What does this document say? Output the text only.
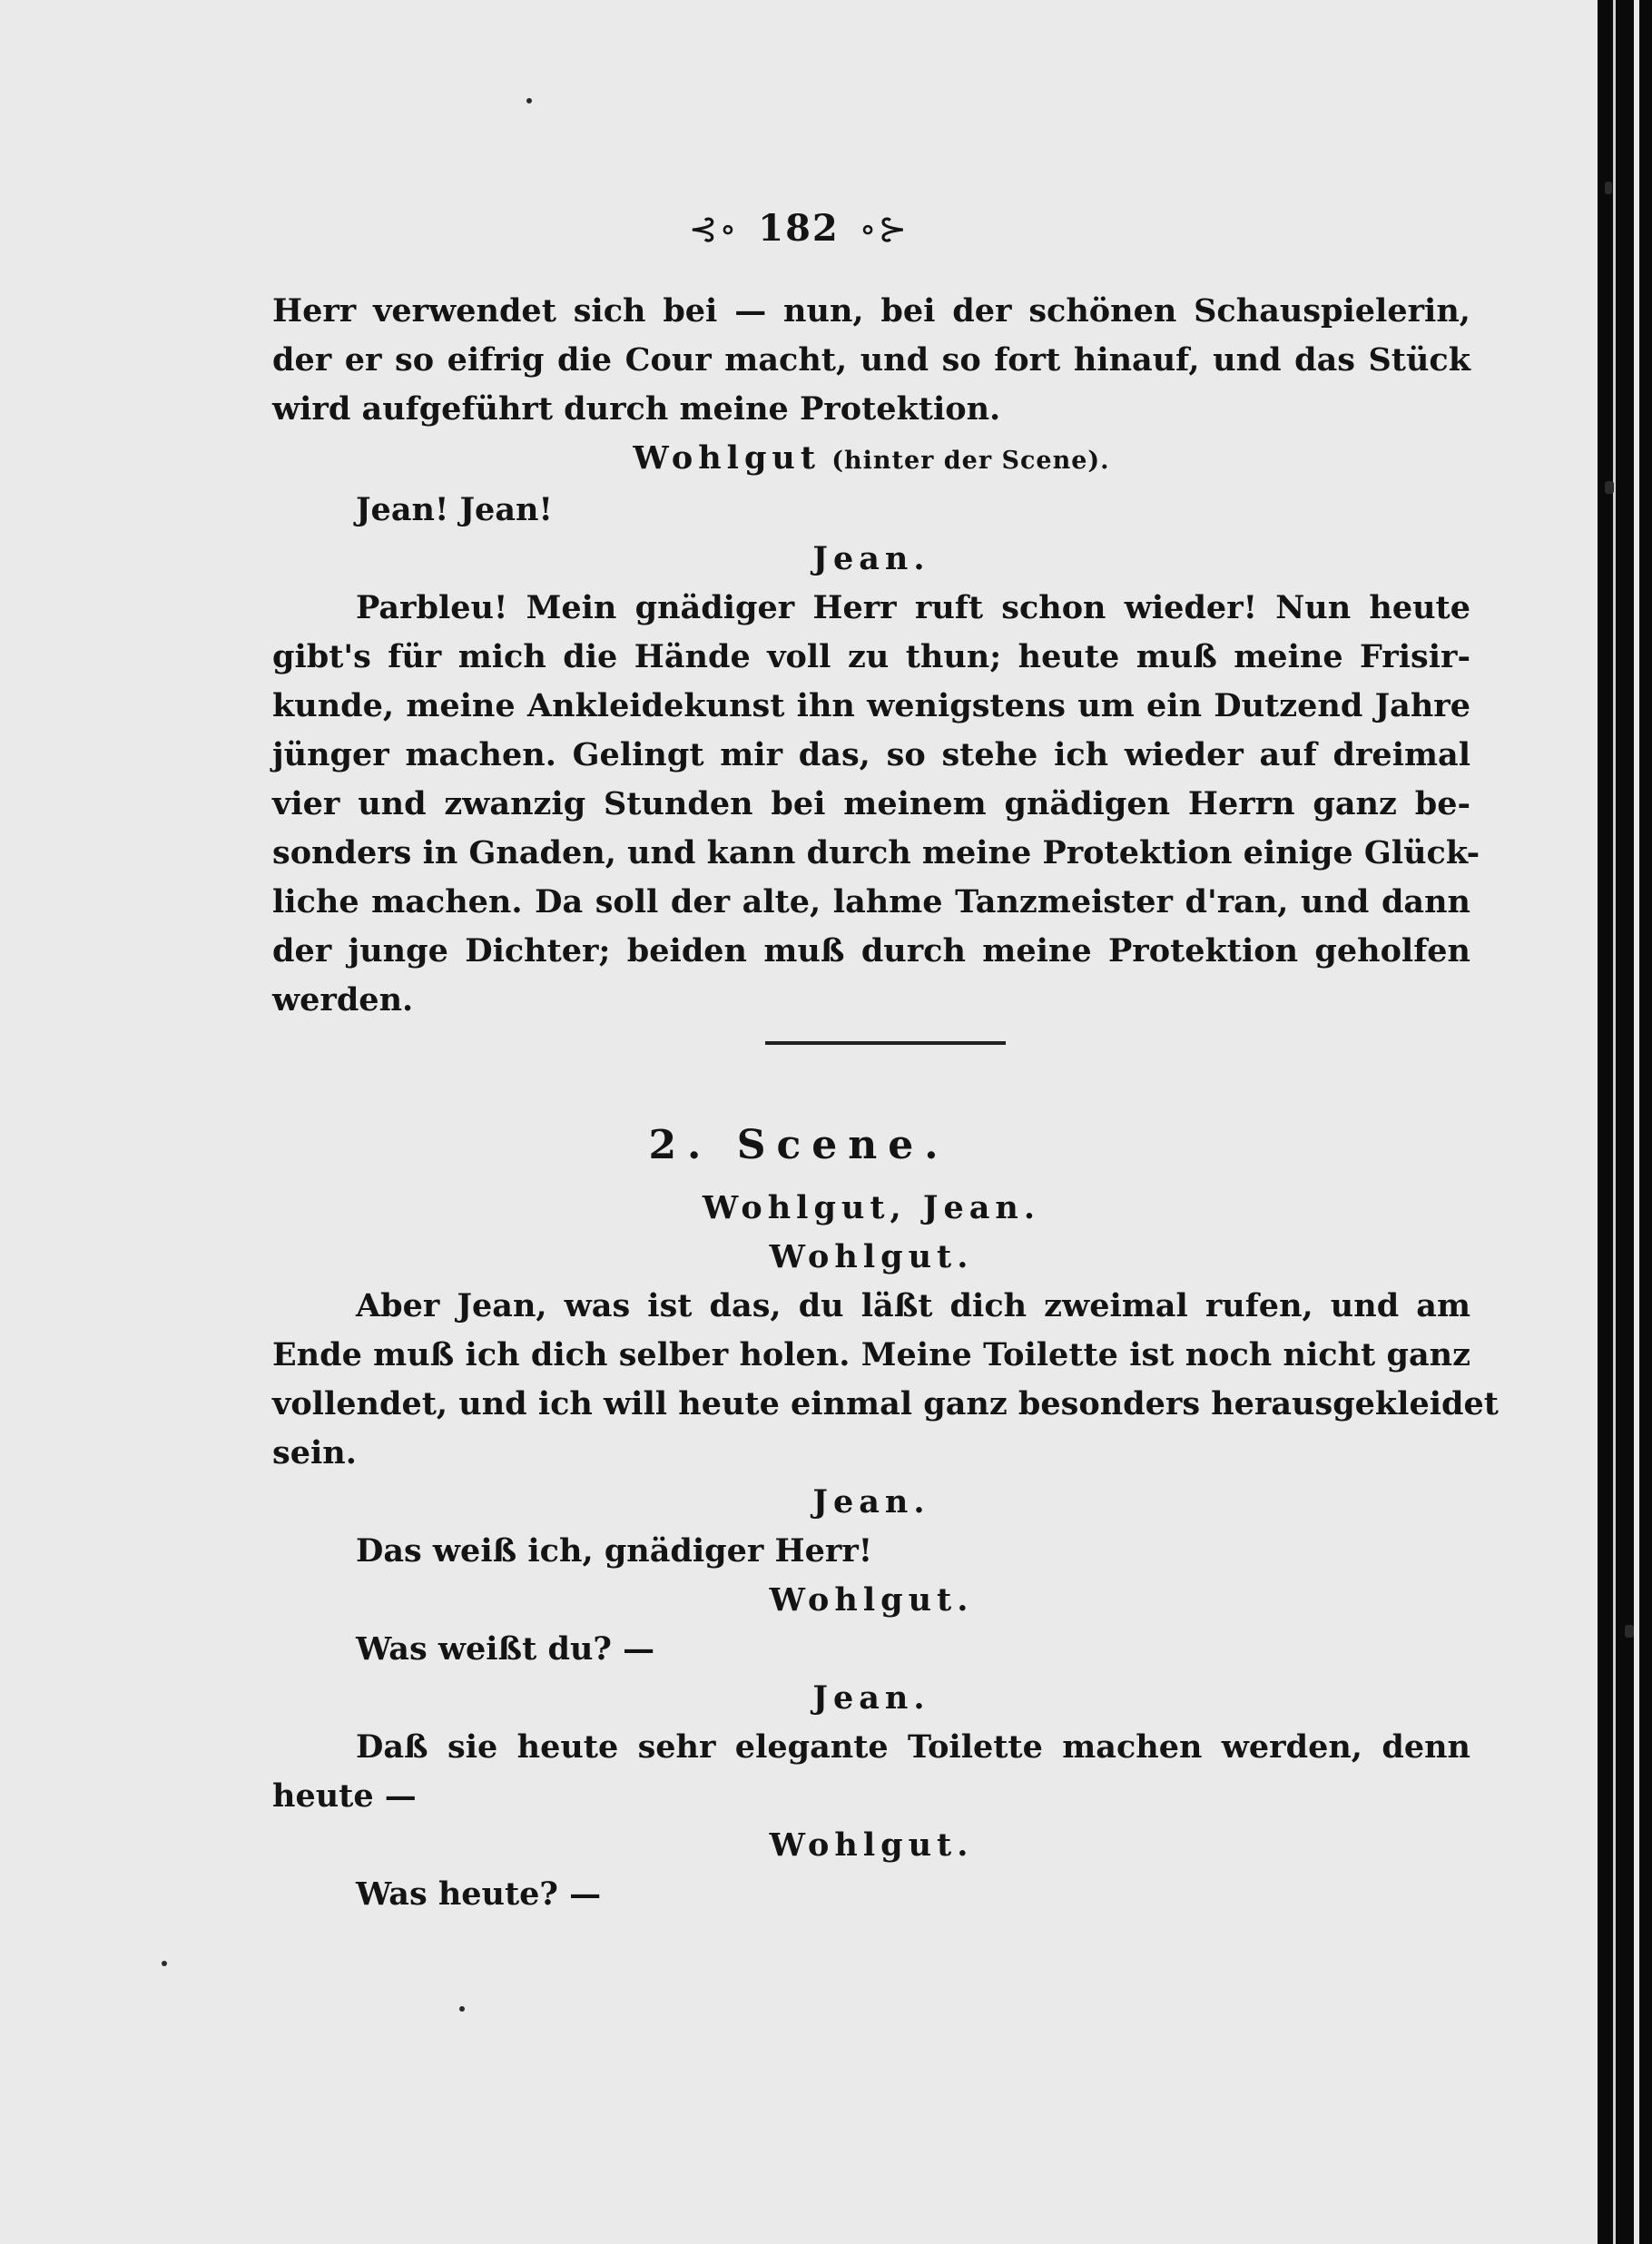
⊰∘ 182 ∘⊱
Herr verwendet sich bei — nun, bei der schönen Schauspielerin,
der er so eifrig die Cour macht, und so fort hinauf, und das Stück
wird aufgeführt durch meine Protektion.
Wohlgut (hinter der Scene).
Jean! Jean!
Jean.
Parbleu! Mein gnädiger Herr ruft schon wieder! Nun heute
gibt's für mich die Hände voll zu thun; heute muß meine Frisir-
kunde, meine Ankleidekunst ihn wenigstens um ein Dutzend Jahre
jünger machen. Gelingt mir das, so stehe ich wieder auf dreimal
vier und zwanzig Stunden bei meinem gnädigen Herrn ganz be-
sonders in Gnaden, und kann durch meine Protektion einige Glück-
liche machen. Da soll der alte, lahme Tanzmeister d'ran, und dann
der junge Dichter; beiden muß durch meine Protektion geholfen
werden.
2. Scene.
Wohlgut, Jean.
Wohlgut.
Aber Jean, was ist das, du läßt dich zweimal rufen, und am
Ende muß ich dich selber holen. Meine Toilette ist noch nicht ganz
vollendet, und ich will heute einmal ganz besonders herausgekleidet
sein.
Jean.
Das weiß ich, gnädiger Herr!
Wohlgut.
Was weißt du? —
Jean.
Daß sie heute sehr elegante Toilette machen werden, denn
heute —
Wohlgut.
Was heute? —
